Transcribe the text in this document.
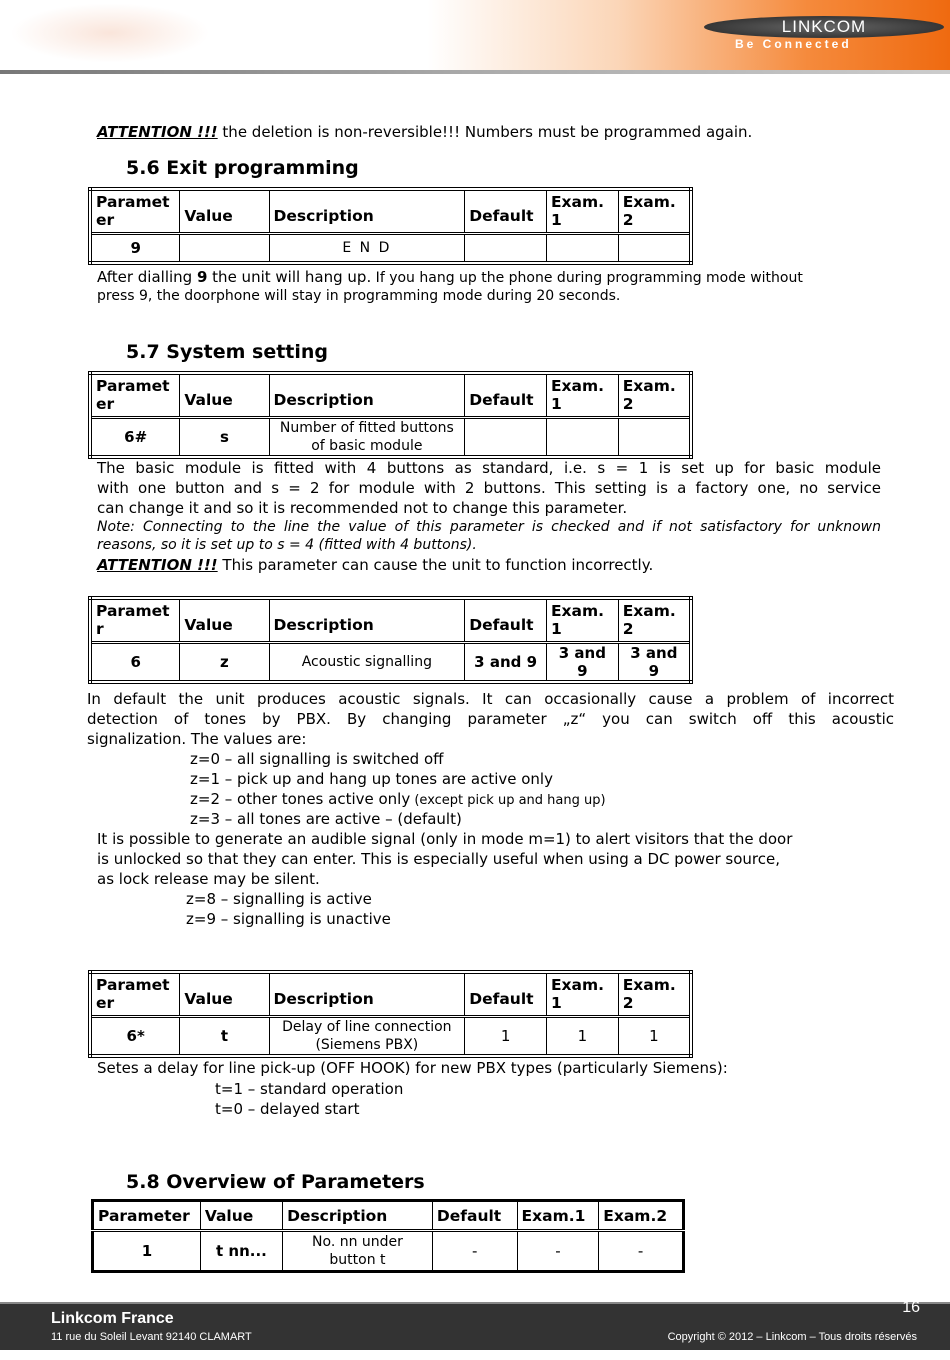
LINKCOM
Be Connected
ATTENTION !!! the deletion is non-reversible!!! Numbers must be programmed again.
5.6 Exit programming
Paramet er	Value	Description	Default	Exam. 1	Exam. 2
9		E N D			
After dialling 9 the unit will hang up. If you hang up the phone during programming mode without
press 9, the doorphone will stay in programming mode during 20 seconds.
5.7 System setting
Paramet er	Value	Description	Default	Exam. 1	Exam. 2
6#	s	Number of fitted buttons of basic module			
The basic module is fitted with 4 buttons as standard, i.e. s = 1 is set up for basic module
with one button and s = 2 for module with 2 buttons. This setting is a factory one, no service
can change it and so it is recommended not to change this parameter.
Note: Connecting to the line the value of this parameter is checked and if not satisfactory for unknown
reasons, so it is set up to s = 4 (fitted with 4 buttons).
ATTENTION !!! This parameter can cause the unit to function incorrectly.
Paramet r	Value	Description	Default	Exam. 1	Exam. 2
6	z	Acoustic signalling	3 and 9	3 and 9	3 and 9
In default the unit produces acoustic signals. It can occasionally cause a problem of incorrect
detection of tones by PBX. By changing parameter „z“ you can switch off this acoustic
signalization. The values are:
z=0 – all signalling is switched off
z=1 – pick up and hang up tones are active only
z=2 – other tones active only (except pick up and hang up)
z=3 – all tones are active – (default)
It is possible to generate an audible signal (only in mode m=1) to alert visitors that the door
is unlocked so that they can enter. This is especially useful when using a DC power source,
as lock release may be silent.
z=8 – signalling is active
z=9 – signalling is unactive
Paramet er	Value	Description	Default	Exam. 1	Exam. 2
6*	t	Delay of line connection (Siemens PBX)	1	1	1
Setes a delay for line pick-up (OFF HOOK) for new PBX types (particularly Siemens):
t=1 – standard operation
t=0 – delayed start
5.8 Overview of Parameters
Parameter	Value	Description	Default	Exam.1	Exam.2
1	t nn...	No. nn under button t	-	-	-
Linkcom France
11 rue du Soleil Levant 92140 CLAMART
16
Copyright © 2012 – Linkcom – Tous droits réservés
